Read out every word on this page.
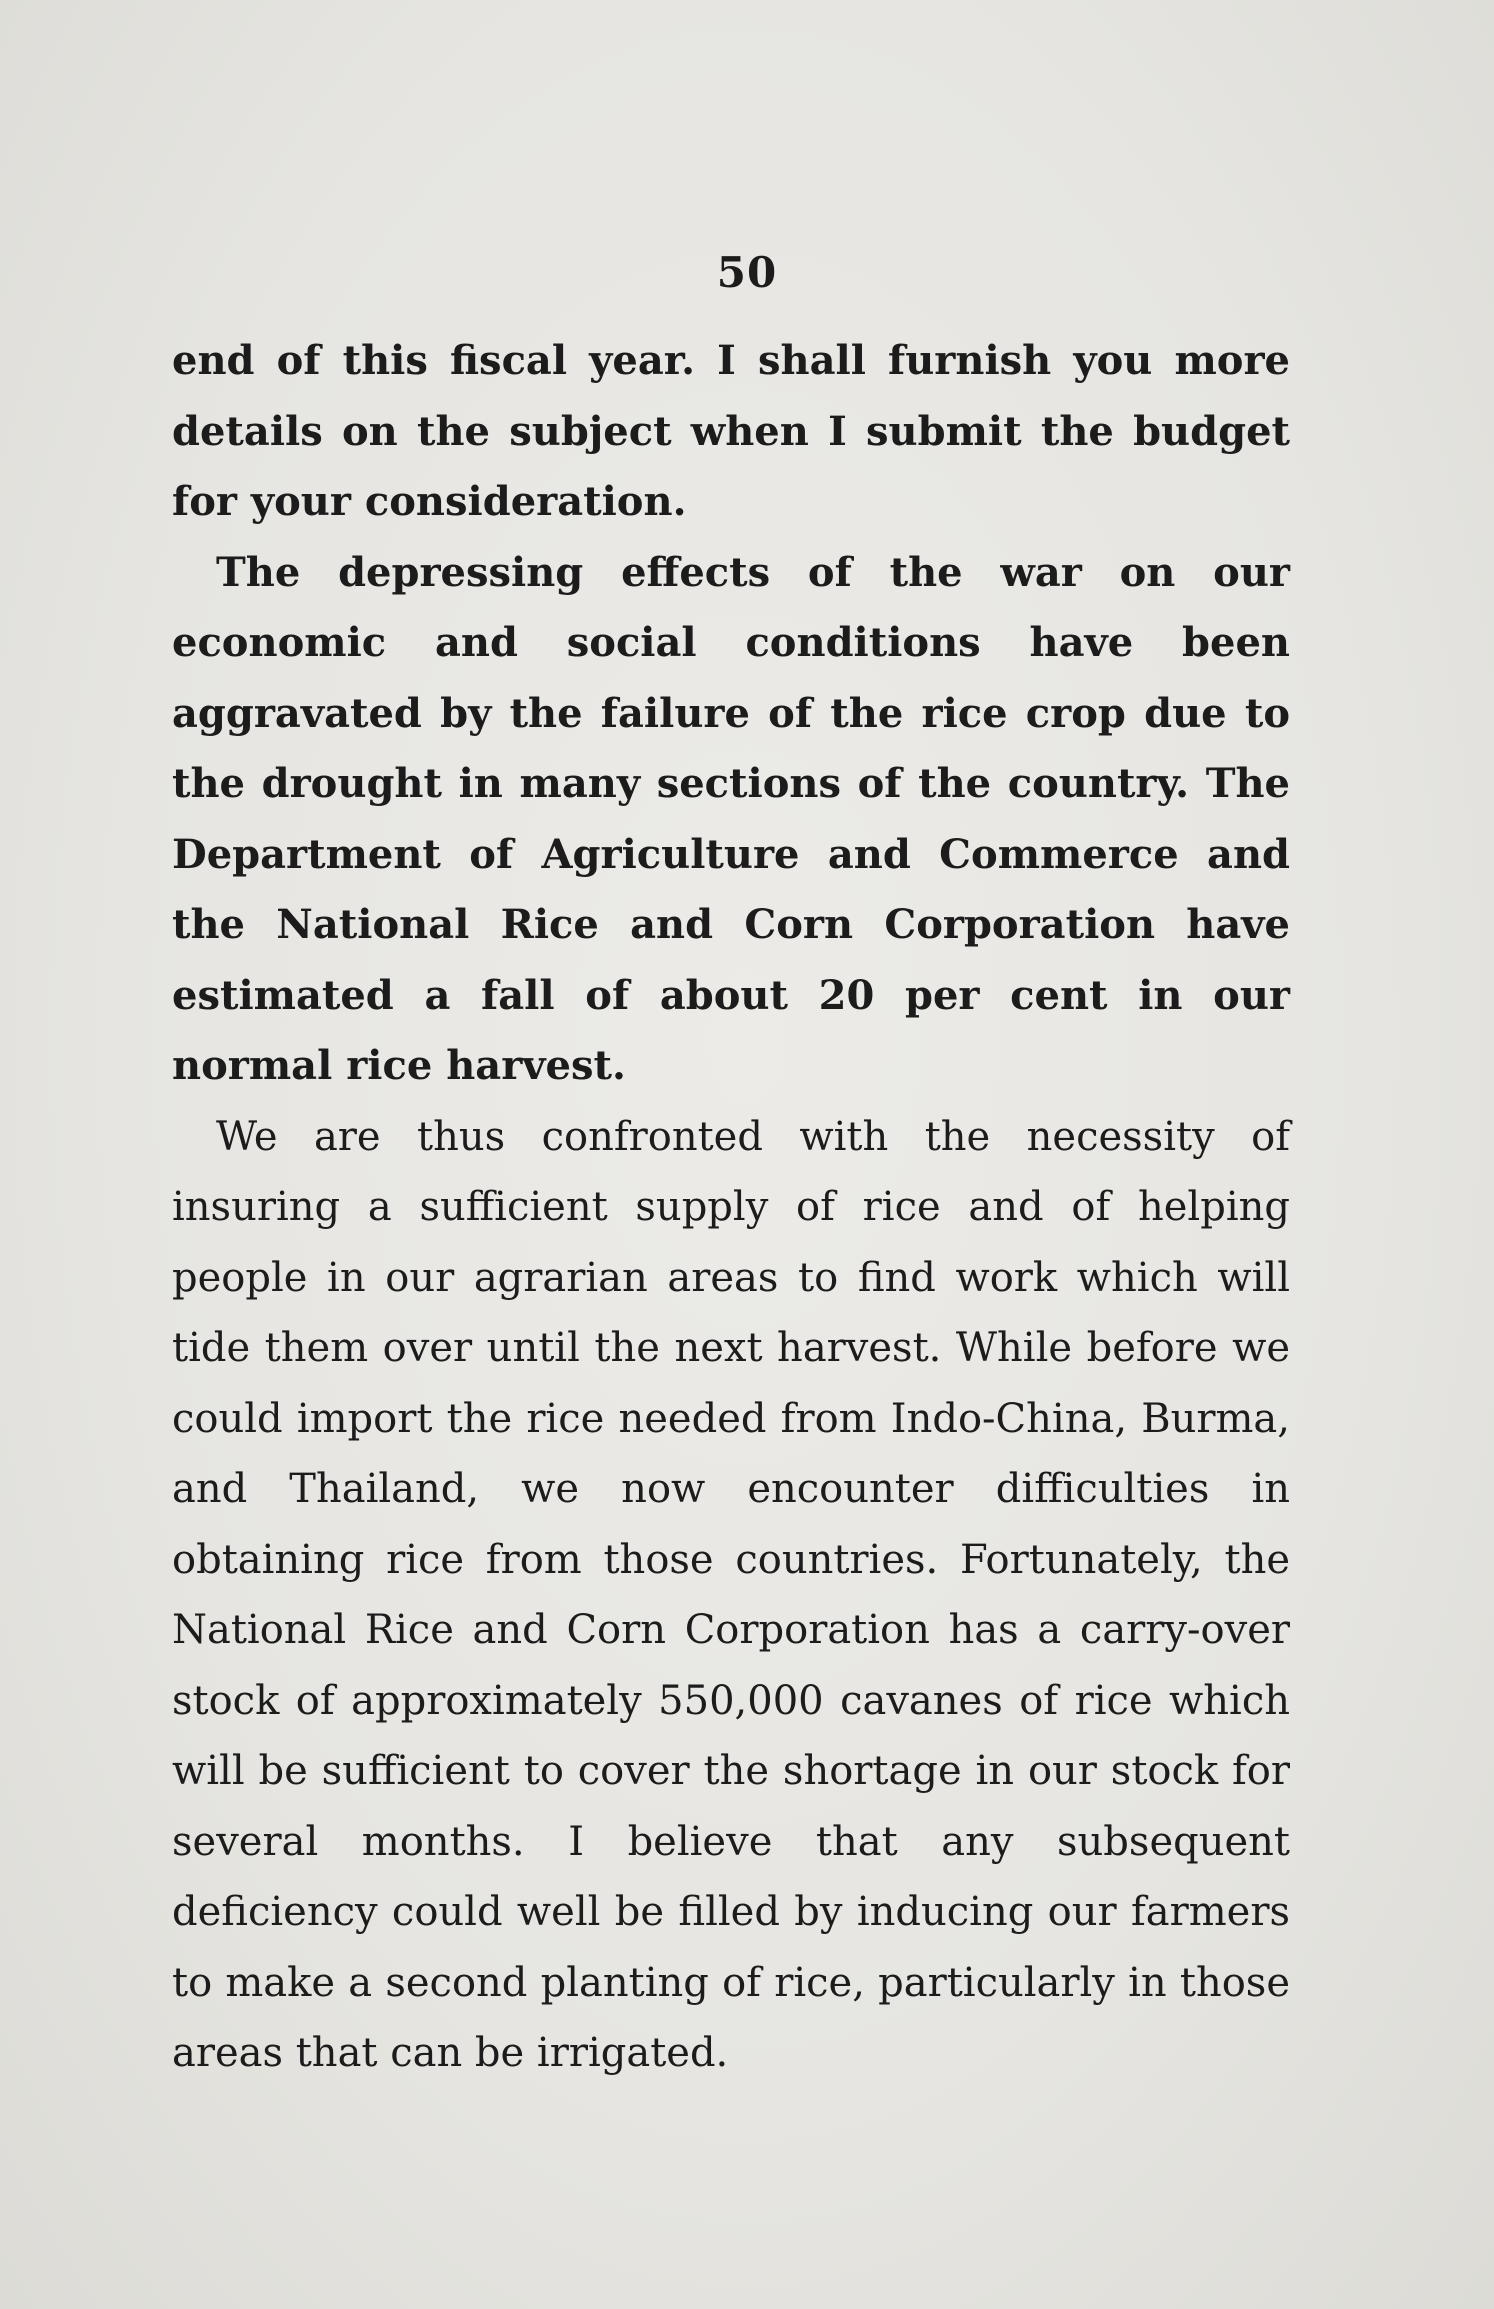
50

end of this fiscal year. I shall furnish you more details on the subject when I submit the budget for your consideration.

The depressing effects of the war on our economic and social conditions have been aggravated by the failure of the rice crop due to the drought in many sections of the country. The Department of Agriculture and Commerce and the National Rice and Corn Corporation have estimated a fall of about 20 per cent in our normal rice harvest.

We are thus confronted with the necessity of insuring a sufficient supply of rice and of helping people in our agrarian areas to find work which will tide them over until the next harvest. While before we could import the rice needed from Indo-China, Burma, and Thailand, we now encounter difficulties in obtaining rice from those countries. Fortunately, the National Rice and Corn Corporation has a carry-over stock of approximately 550,000 cavanes of rice which will be sufficient to cover the shortage in our stock for several months. I believe that any subsequent deficiency could well be filled by inducing our farmers to make a second planting of rice, particularly in those areas that can be irrigated.
